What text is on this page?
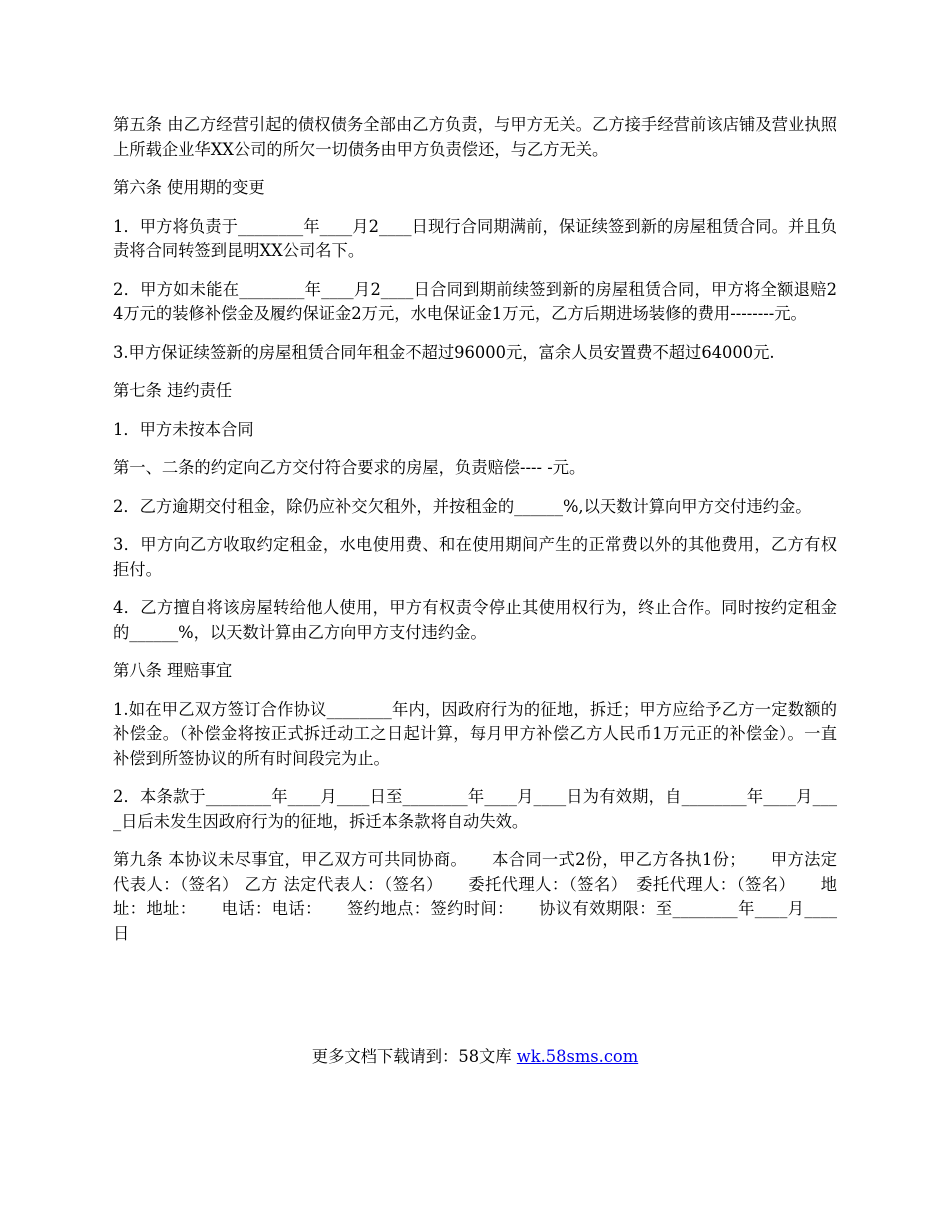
第五条 由乙方经营引起的债权债务全部由乙方负责，与甲方无关。乙方接手经营前该店铺及营业执照上所载企业华XX公司的所欠一切债务由甲方负责偿还，与乙方无关。

第六条 使用期的变更

1．甲方将负责于________年____月2____日现行合同期满前，保证续签到新的房屋租赁合同。并且负责将合同转签到昆明XX公司名下。

2．甲方如未能在________年____月2____日合同到期前续签到新的房屋租赁合同，甲方将全额退赔24万元的装修补偿金及履约保证金2万元，水电保证金1万元，乙方后期进场装修的费用--------元。

3.甲方保证续签新的房屋租赁合同年租金不超过96000元，富余人员安置费不超过64000元.

第七条 违约责任

1．甲方未按本合同

第一、二条的约定向乙方交付符合要求的房屋，负责赔偿---- -元。

2．乙方逾期交付租金，除仍应补交欠租外，并按租金的______%,以天数计算向甲方交付违约金。

3．甲方向乙方收取约定租金，水电使用费、和在使用期间产生的正常费以外的其他费用，乙方有权拒付。

4．乙方擅自将该房屋转给他人使用，甲方有权责令停止其使用权行为，终止合作。同时按约定租金的______%，以天数计算由乙方向甲方支付违约金。

第八条 理赔事宜

1.如在甲乙双方签订合作协议________年内，因政府行为的征地，拆迁；甲方应给予乙方一定数额的补偿金。（补偿金将按正式拆迁动工之日起计算，每月甲方补偿乙方人民币1万元正的补偿金）。一直补偿到所签协议的所有时间段完为止。

2．本条款于________年____月____日至________年____月____日为有效期，自________年____月____日后未发生因政府行为的征地，拆迁本条款将自动失效。

第九条 本协议未尽事宜，甲乙双方可共同协商。　　本合同一式2份，甲乙方各执1份；　　甲方法定代表人：（签名） 乙方 法定代表人：（签名）　　委托代理人：（签名）　委托代理人：（签名）　　地址：地址：　　电话：电话：　　签约地点：签约时间：　　协议有效期限：至________年____月____日

更多文档下载请到：58文库 wk.58sms.com
